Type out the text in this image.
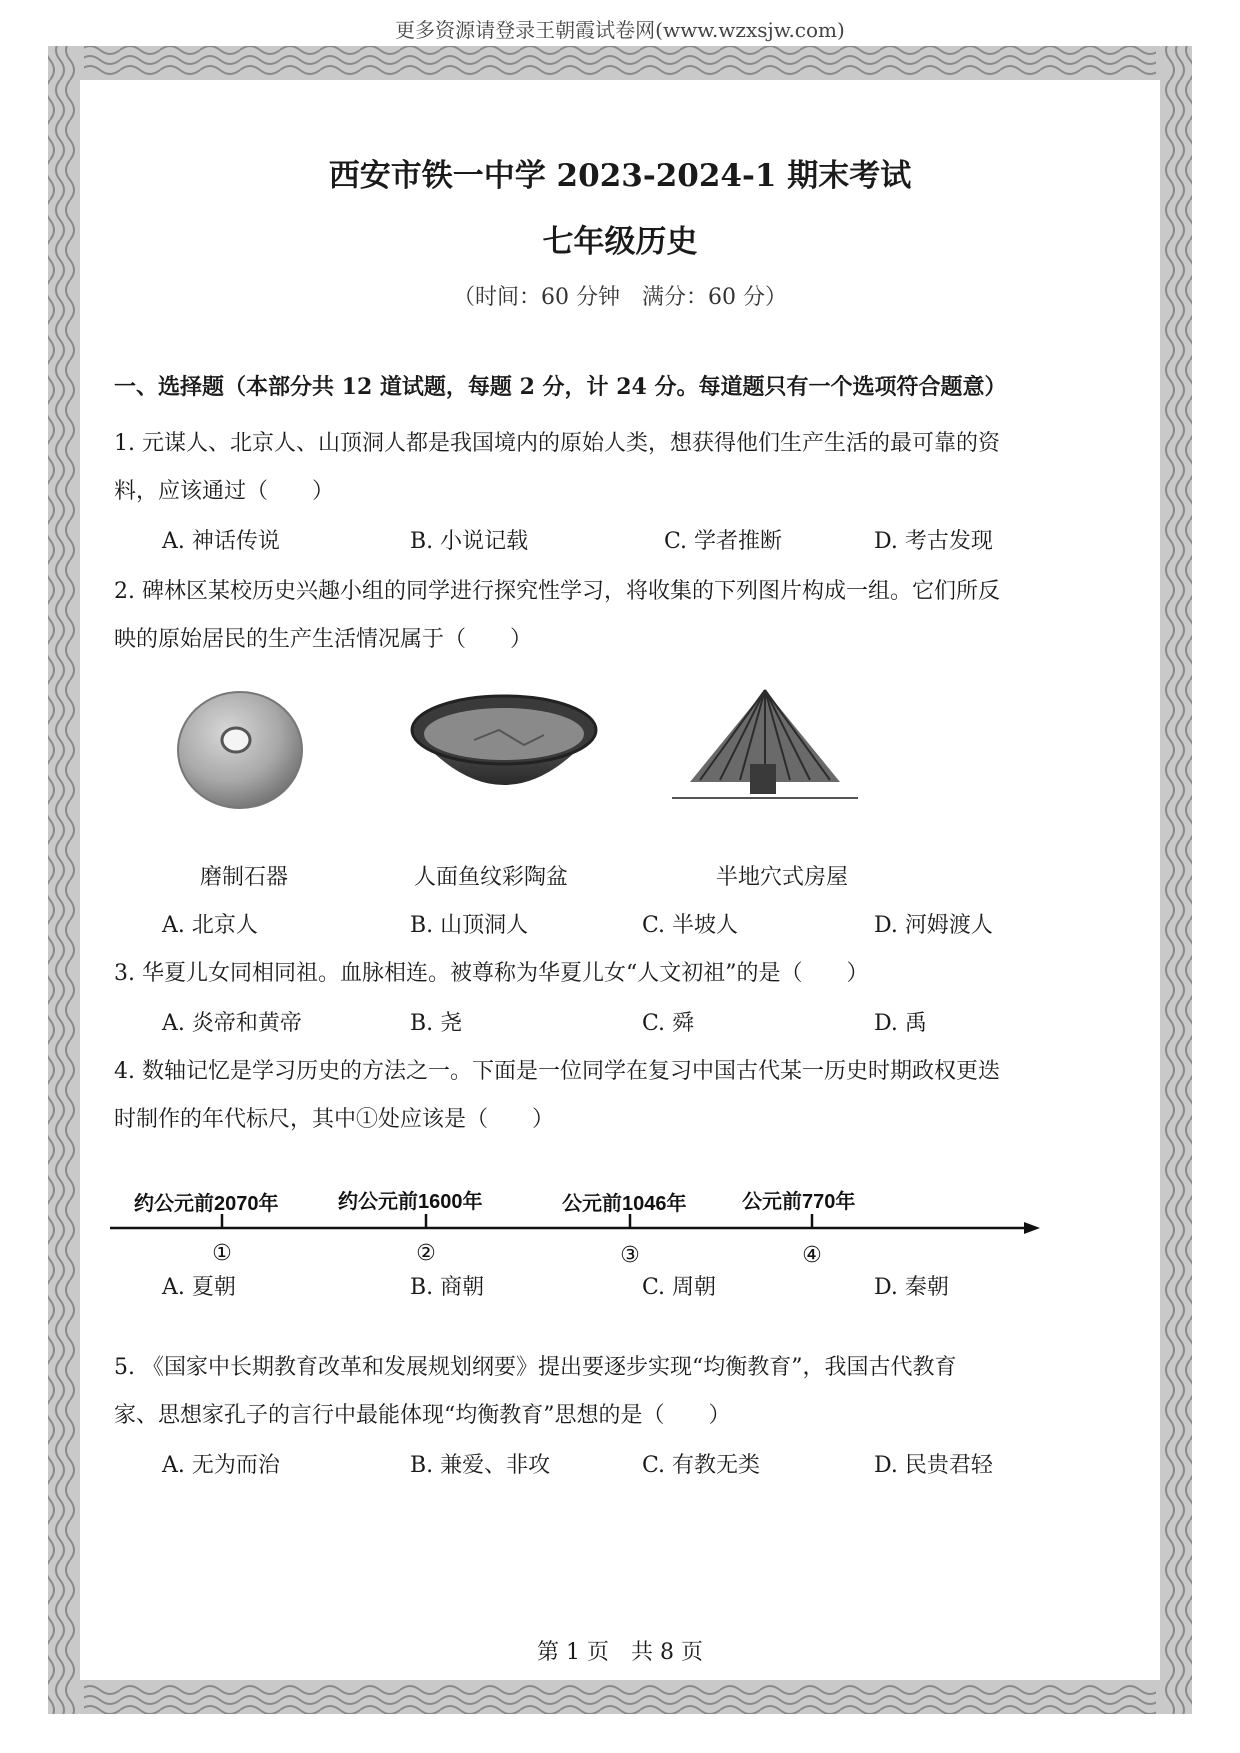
更多资源请登录王朝霞试卷网(www.wzxsjw.com)
西安市铁一中学 2023-2024-1 期末考试
七年级历史
（时间：60 分钟　满分：60 分）
一、选择题（本部分共 12 道试题，每题 2 分，计 24 分。每道题只有一个选项符合题意）
1. 元谋人、北京人、山顶洞人都是我国境内的原始人类，想获得他们生产生活的最可靠的资
料，应该通过（　　）
A. 神话传说	B. 小说记载	C. 学者推断	D. 考古发现
2. 碑林区某校历史兴趣小组的同学进行探究性学习，将收集的下列图片构成一组。它们所反
映的原始居民的生产生活情况属于（　　）
磨制石器	人面鱼纹彩陶盆	半地穴式房屋
A. 北京人	B. 山顶洞人	C. 半坡人	D. 河姆渡人
3. 华夏儿女同相同祖。血脉相连。被尊称为华夏儿女“人文初祖”的是（　　）
A. 炎帝和黄帝	B. 尧	C. 舜	D. 禹
4. 数轴记忆是学习历史的方法之一。下面是一位同学在复习中国古代某一历史时期政权更迭
时制作的年代标尺，其中①处应该是（　　）
约公元前2070年	约公元前1600年	公元前1046年	公元前770年
①	②	③	④
A. 夏朝	B. 商朝	C. 周朝	D. 秦朝
5. 《国家中长期教育改革和发展规划纲要》提出要逐步实现“均衡教育”，我国古代教育
家、思想家孔子的言行中最能体现“均衡教育”思想的是（　　）
A. 无为而治	B. 兼爱、非攻	C. 有教无类	D. 民贵君轻
第 1 页　共 8 页
